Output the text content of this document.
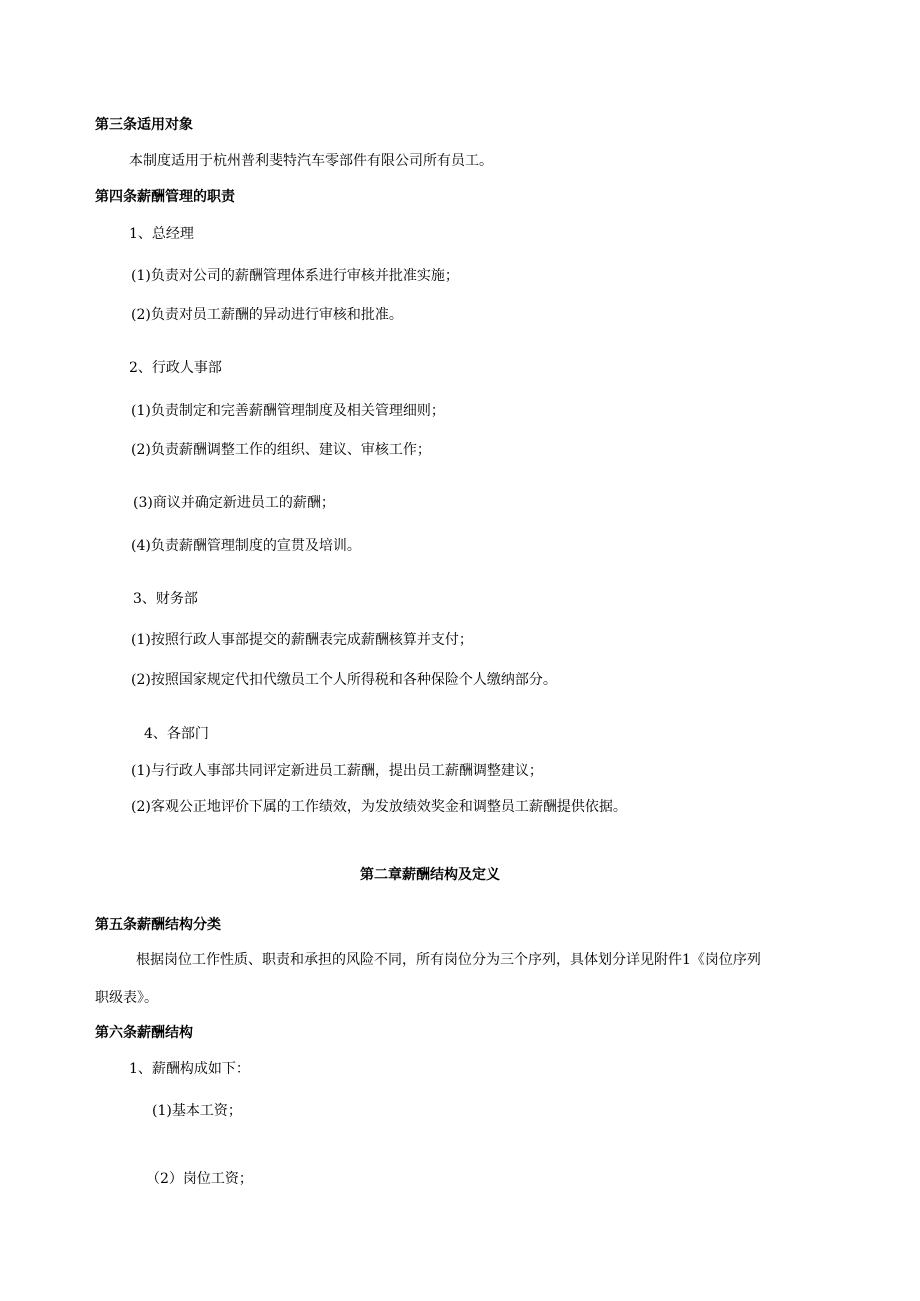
第三条适用对象
本制度适用于杭州普利斐特汽车零部件有限公司所有员工。
第四条薪酬管理的职责
1、总经理
(1)负责对公司的薪酬管理体系进行审核并批准实施；
(2)负责对员工薪酬的异动进行审核和批准。
2、行政人事部
(1)负责制定和完善薪酬管理制度及相关管理细则；
(2)负责薪酬调整工作的组织、建议、审核工作；
(3)商议并确定新进员工的薪酬；
(4)负责薪酬管理制度的宣贯及培训。
3、财务部
(1)按照行政人事部提交的薪酬表完成薪酬核算并支付；
(2)按照国家规定代扣代缴员工个人所得税和各种保险个人缴纳部分。
4、各部门
(1)与行政人事部共同评定新进员工薪酬，提出员工薪酬调整建议；
(2)客观公正地评价下属的工作绩效，为发放绩效奖金和调整员工薪酬提供依据。
第二章薪酬结构及定义
第五条薪酬结构分类
根据岗位工作性质、职责和承担的风险不同，所有岗位分为三个序列，具体划分详见附件1《岗位序列
职级表》。
第六条薪酬结构
1、薪酬构成如下：
(1)基本工资；
（2）岗位工资；
